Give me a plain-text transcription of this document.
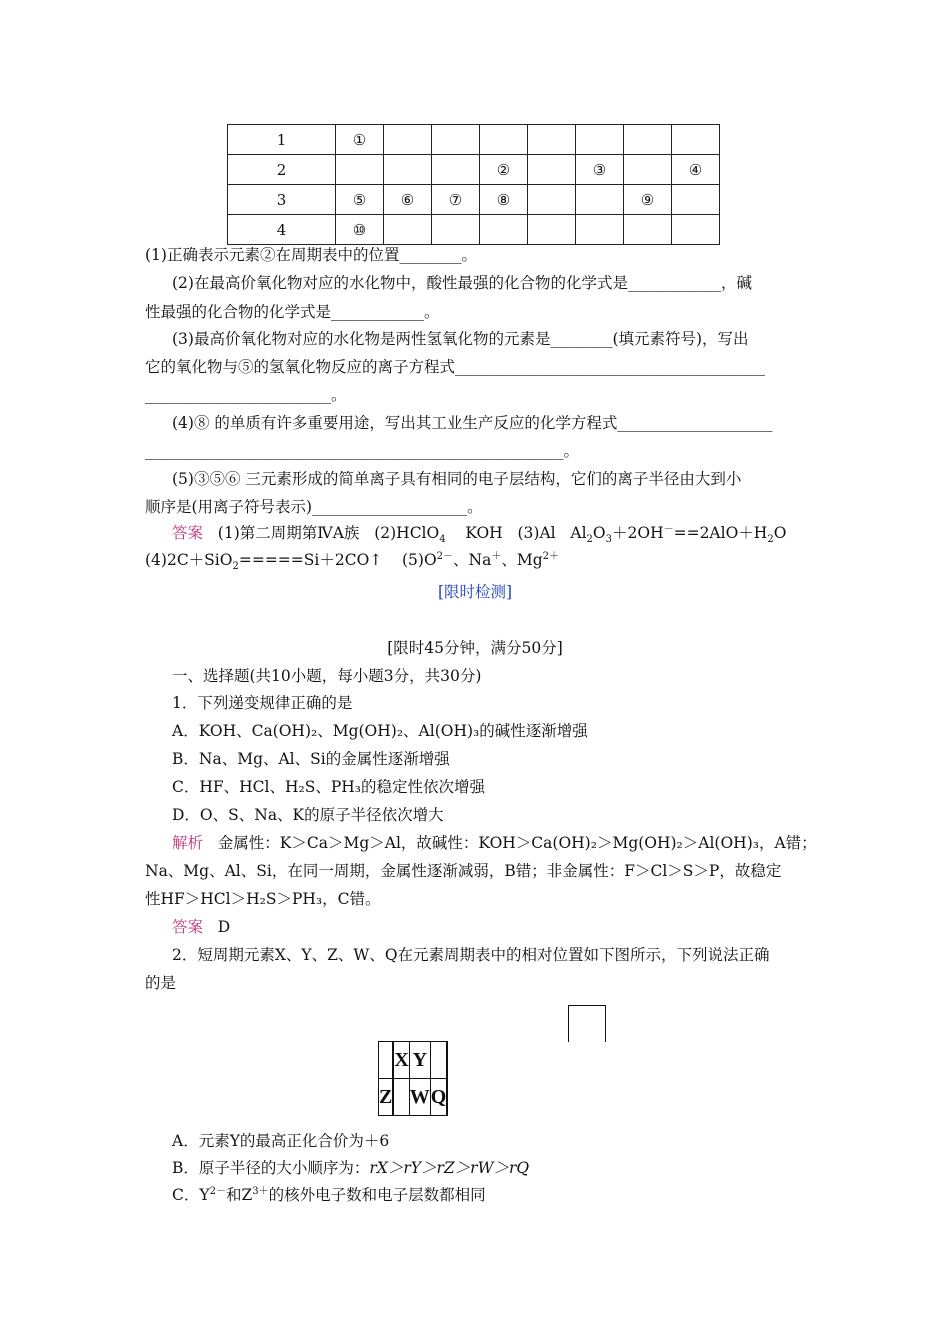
1	①							
2				②		③		④
3	⑤	⑥	⑦	⑧			⑨	
4	⑩							
(1)正确表示元素②在周期表中的位置________。
(2)在最高价氧化物对应的水化物中，酸性最强的化合物的化学式是____________，碱
性最强的化合物的化学式是____________。
(3)最高价氧化物对应的水化物是两性氢氧化物的元素是________(填元素符号)，写出
它的氧化物与⑤的氢氧化物反应的离子方程式________________________________________
________________________。
(4)⑧ 的单质有许多重要用途，写出其工业生产反应的化学方程式____________________
______________________________________________________。
(5)③⑤⑥ 三元素形成的简单离子具有相同的电子层结构，它们的离子半径由大到小
顺序是(用离子符号表示)____________________。
答案 (1)第二周期第ⅣA族 (2)HClO$_4$ KOH (3)Al $Al_2O_3+2OH^-==2AlO+H_2O$
(4)2C＋SiO$_2$=====Si＋2CO↑ $(5)O^{2-}$、Na＋、$Mg^{2+}$
[限时检测]
[限时45分钟，满分50分]
一、选择题(共10小题，每小题3分，共30分)
1．下列递变规律正确的是
A．KOH、Ca(OH)₂、Mg(OH)₂、Al(OH)₃的碱性逐渐增强
B．Na、Mg、Al、Si的金属性逐渐增强
C．HF、HCl、H₂S、PH₃的稳定性依次增强
D．O、S、Na、K的原子半径依次增大
解析 金属性：K＞Ca＞Mg＞Al，故碱性：KOH＞Ca(OH)₂＞Mg(OH)₂＞Al(OH)₃，A错；
Na、Mg、Al、Si，在同一周期，金属性逐渐减弱，B错；非金属性：F＞Cl＞S＞P，故稳定
性HF＞HCl＞H₂S＞PH₃，C错。
答案 D
2．短周期元素X、Y、Z、W、Q在元素周期表中的相对位置如下图所示，下列说法正确
的是
		X	Y		
Z			W	Q	
A．元素Y的最高正化合价为＋6
B．原子半径的大小顺序为：rX＞rY＞rZ＞rW＞rQ
C．$Y^{2-}$和$Z^{3+}$的核外电子数和电子层数都相同
